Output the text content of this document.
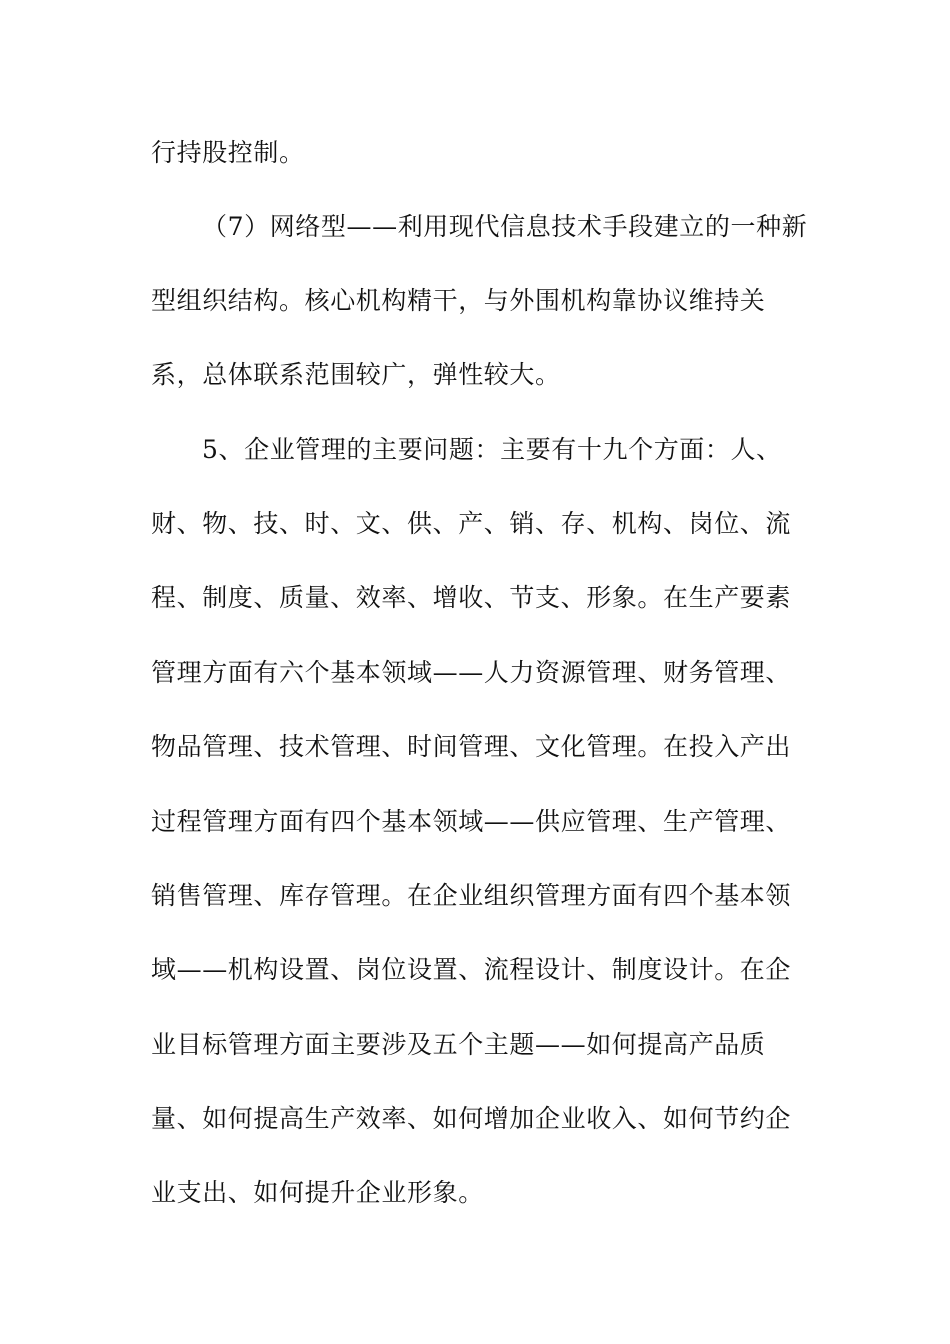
行持股控制。
（7）网络型——利用现代信息技术手段建立的一种新
型组织结构。核心机构精干，与外围机构靠协议维持关
系，总体联系范围较广，弹性较大。
5、企业管理的主要问题：主要有十九个方面：人、
财、物、技、时、文、供、产、销、存、机构、岗位、流
程、制度、质量、效率、增收、节支、形象。在生产要素
管理方面有六个基本领域——人力资源管理、财务管理、
物品管理、技术管理、时间管理、文化管理。在投入产出
过程管理方面有四个基本领域——供应管理、生产管理、
销售管理、库存管理。在企业组织管理方面有四个基本领
域——机构设置、岗位设置、流程设计、制度设计。在企
业目标管理方面主要涉及五个主题——如何提高产品质
量、如何提高生产效率、如何增加企业收入、如何节约企
业支出、如何提升企业形象。
